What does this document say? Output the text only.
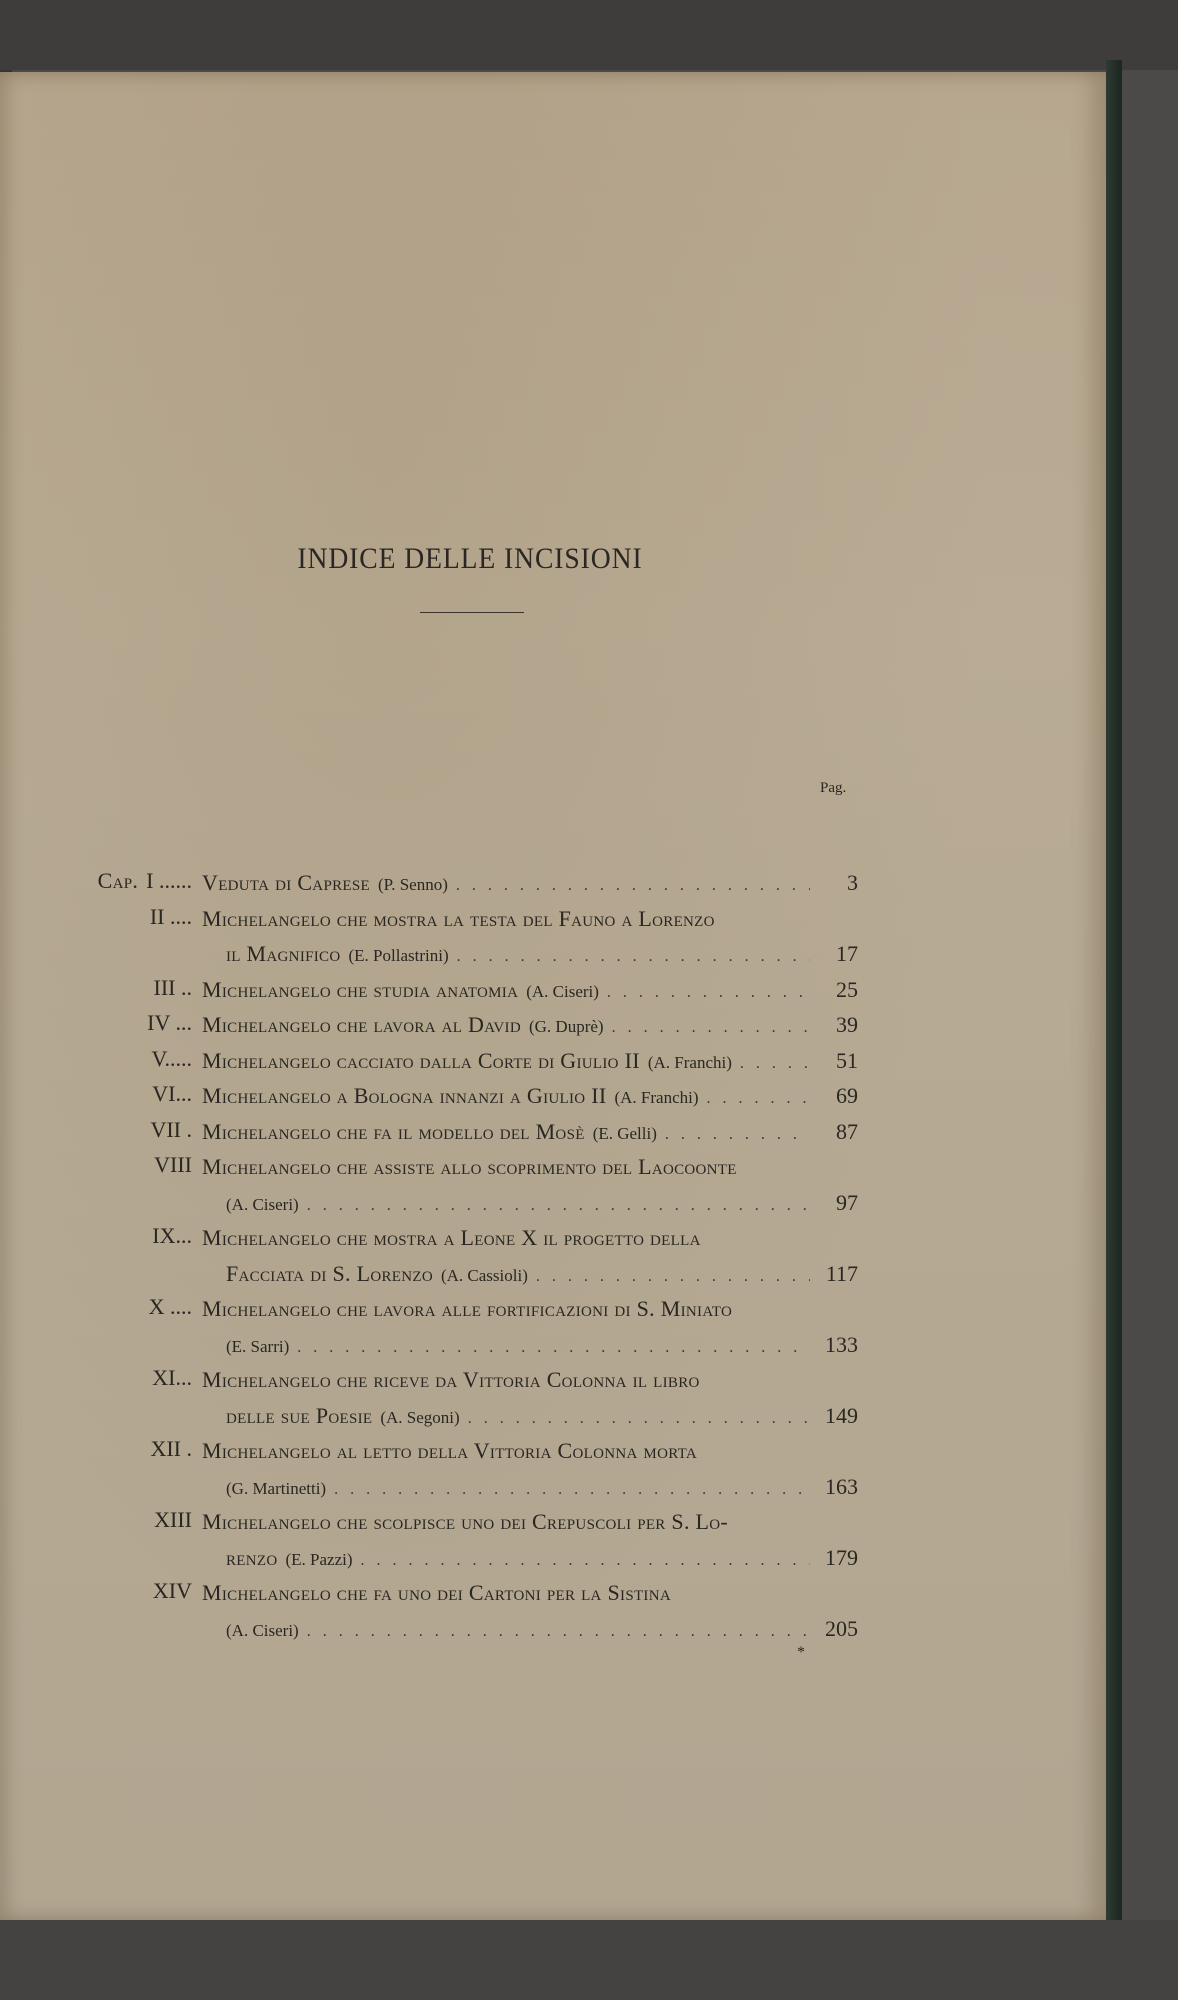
INDICE DELLE INCISIONI
Pag.
Cap. I ...... Veduta di Caprese (P. Senno) . . .	3
II .... Michelangelo che mostra la testa del Fauno a Lorenzo
il Magnifico (E. Pollastrini) . . .	17
III .. Michelangelo che studia anatomia (A. Ciseri) . . .	25
IV ... Michelangelo che lavora al David (G. Duprè) . . .	39
V..... Michelangelo cacciato dalla Corte di Giulio II (A. Franchi) . . .	51
VI... Michelangelo a Bologna innanzi a Giulio II (A. Franchi) . . .	69
VII . Michelangelo che fa il modello del Mosè (E. Gelli) . . .	87
VIII Michelangelo che assiste allo scoprimento del Laocoonte
(A. Ciseri) . . .	97
IX... Michelangelo che mostra a Leone X il progetto della
Facciata di S. Lorenzo (A. Cassioli) . . .	117
X .... Michelangelo che lavora alle fortificazioni di S. Miniato
(E. Sarri) . . .	133
XI... Michelangelo che riceve da Vittoria Colonna il libro
delle sue Poesie (A. Segoni) . . .	149
XII . Michelangelo al letto della Vittoria Colonna morta
(G. Martinetti) . . .	163
XIII Michelangelo che scolpisce uno dei Crepuscoli per S. Lo-
renzo (E. Pazzi) . . .	179
XIV Michelangelo che fa uno dei Cartoni per la Sistina
(A. Ciseri) . . .	205
*
